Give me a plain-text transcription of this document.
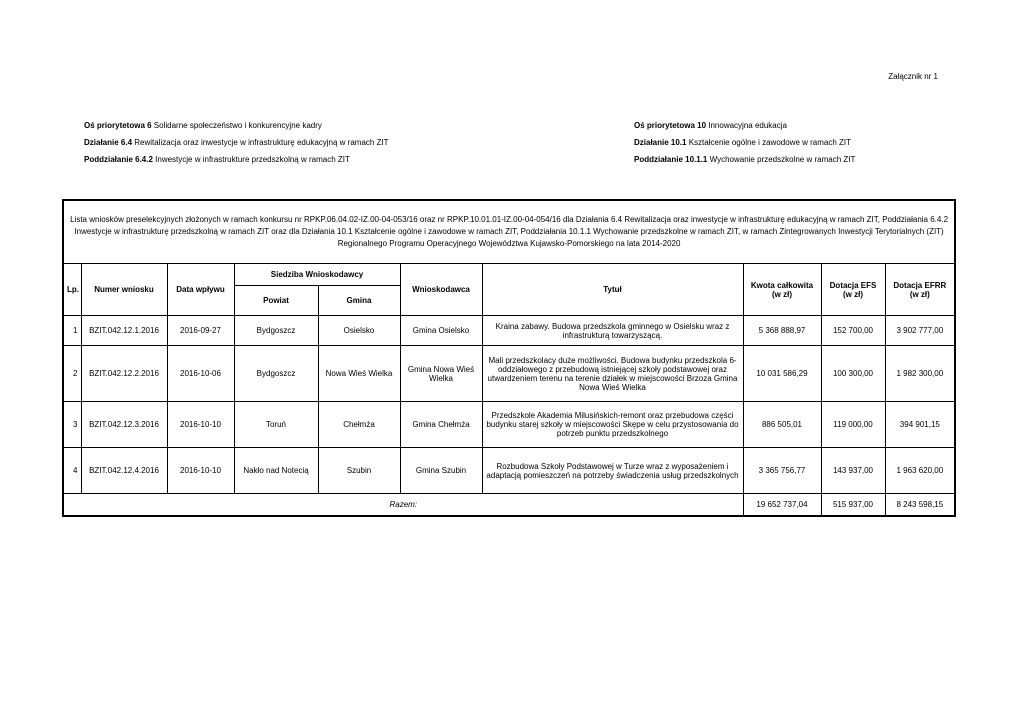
Załącznik nr 1
Oś priorytetowa 6 Solidarne społeczeństwo i konkurencyjne kadry
Działanie 6.4 Rewitalizacja oraz inwestycje w infrastrukturę edukacyjną w ramach ZIT
Poddziałanie 6.4.2 Inwestycje w infrastrukture przedszkolną w ramach ZIT
Oś priorytetowa 10 Innowacyjna edukacja
Działanie 10.1 Kształcenie ogólne i zawodowe w ramach ZIT
Poddziałanie 10.1.1 Wychowanie przedszkolne w ramach ZIT
Lista wniosków preselekcyjnych złożonych w ramach konkursu nr RPKP.06.04.02-IZ.00-04-053/16 oraz nr RPKP.10.01.01-IZ.00-04-054/16 dla Działania 6.4 Rewitalizacja oraz inwestycje w infrastrukturę edukacyjną w ramach ZIT, Poddziałania 6.4.2 Inwestycje w infrastrukturę przedszkolną w ramach ZIT oraz dla Działania 10.1 Kształcenie ogólne i zawodowe w ramach ZIT, Poddziałania 10.1.1 Wychowanie przedszkolne w ramach ZIT, w ramach Zintegrowanych Inwestycji Terytorialnych (ZIT) Regionalnego Programu Operacyjnego Województwa Kujawsko-Pomorskiego na lata 2014-2020									
Lp.	Numer wniosku	Data wpływu	Siedziba Wnioskodawcy		Wnioskodawca	Tytuł	Kwota całkowita (w zł)	Dotacja EFS (w zł)	Dotacja EFRR (w zł)
			Powiat	Gmina					
1	BZIT.042.12.1.2016	2016-09-27	Bydgoszcz	Osielsko	Gmina Osielsko	Kraina zabawy. Budowa przedszkola gminnego w Osielsku wraz z infrastrukturą towarzyszącą.	5 368 888,97	152 700,00	3 902 777,00
2	BZIT.042.12.2.2016	2016-10-06	Bydgoszcz	Nowa Wieś Wielka	Gmina Nowa Wieś Wielka	Mali przedszkolacy duże możliwości. Budowa budynku przedszkola 6-oddziałowego z przebudową istniejącej szkoły podstawowej oraz utwardzeniem terenu na terenie działek w miejscowości Brzoza Gmina Nowa Wieś Wielka	10 031 586,29	100 300,00	1 982 300,00
3	BZIT.042.12.3.2016	2016-10-10	Toruń	Chełmża	Gmina Chełmża	Przedszkole Akademia Milusińskich-remont oraz przebudowa części budynku starej szkoły w miejscowości Skępe w celu przystosowania do potrzeb punktu przedszkolnego	886 505,01	119 000,00	394 901,15
4	BZIT.042.12.4.2016	2016-10-10	Nakło nad Notecią	Szubin	Gmina Szubin	Rozbudowa Szkoły Podstawowej w Turze wraz z wyposażeniem i adaptacją pomieszczeń na potrzeby świadczenia usług przedszkolnych	3 365 756,77	143 937,00	1 963 620,00
Razem:							19 652 737,04	515 937,00	8 243 598,15
